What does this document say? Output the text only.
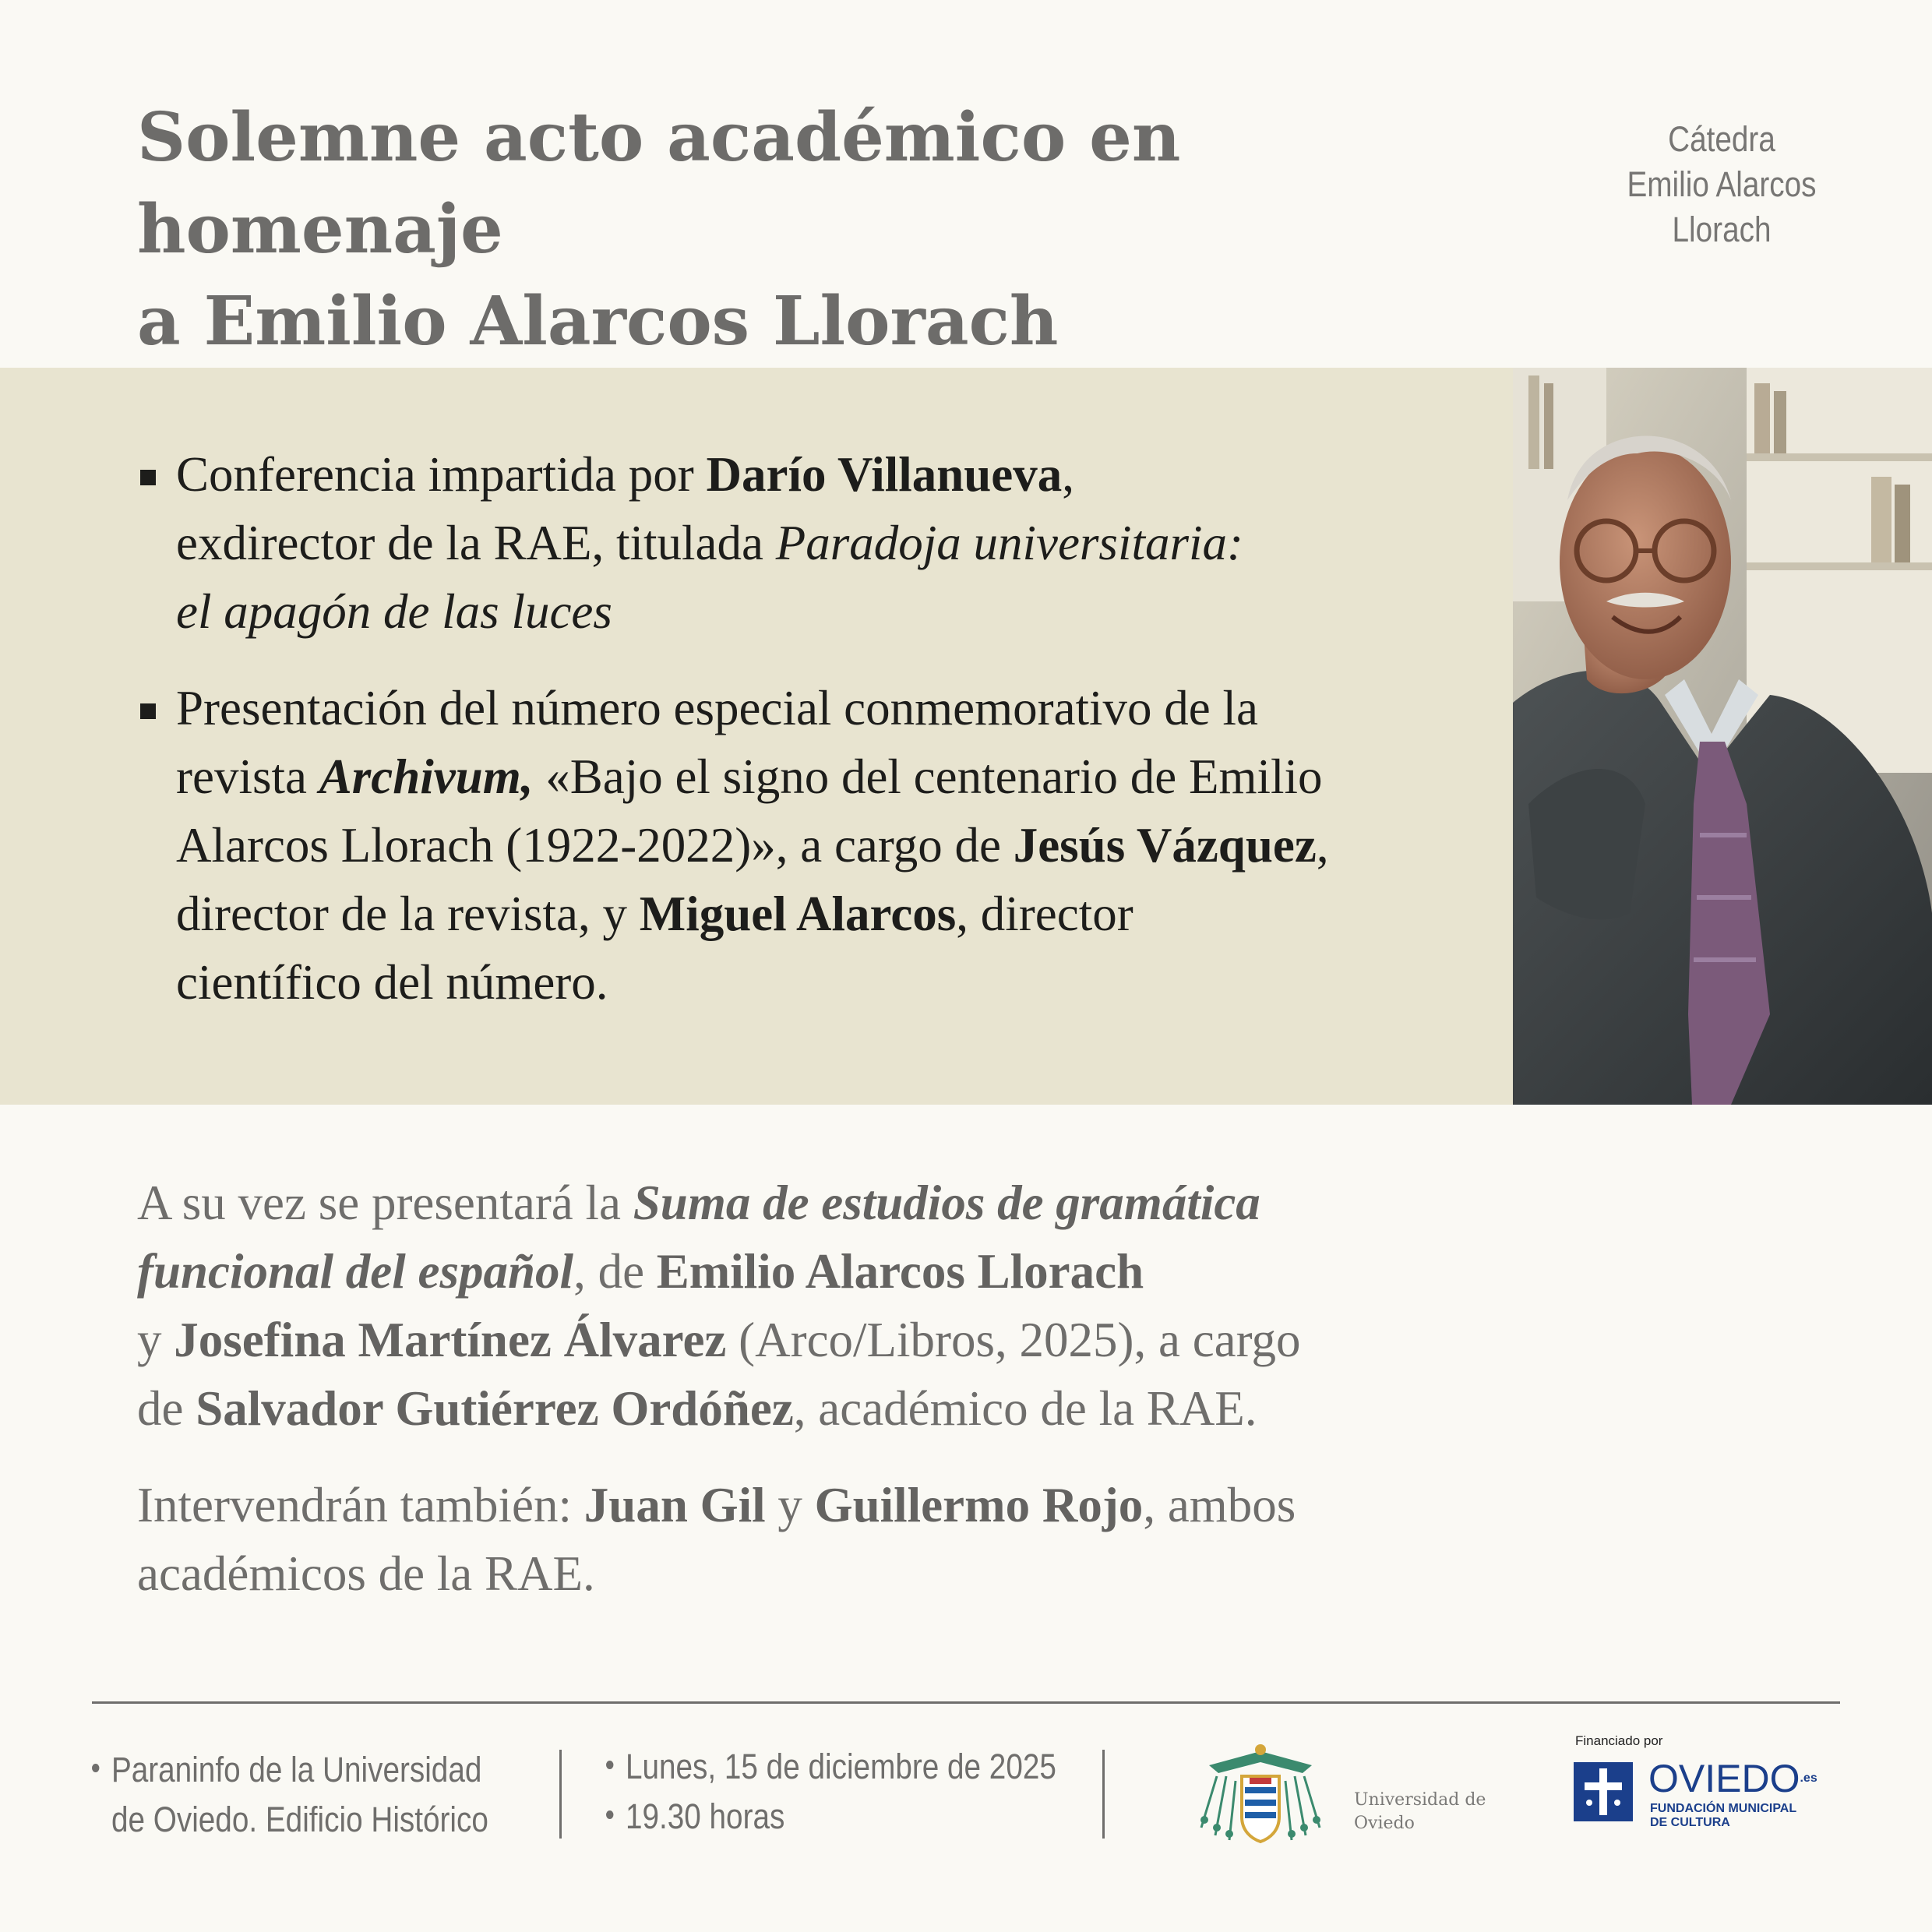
Solemne acto académico en homenaje
a Emilio Alarcos Llorach
Cátedra
Emilio Alarcos
Llorach
Conferencia impartida por Darío Villanueva,
exdirector de la RAE, titulada Paradoja universitaria:
el apagón de las luces
Presentación del número especial conmemorativo de la
revista Archivum, «Bajo el signo del centenario de Emilio
Alarcos Llorach (1922-2022)», a cargo de Jesús Vázquez,
director de la revista, y Miguel Alarcos, director
científico del número.

A su vez se presentará la Suma de estudios de gramática
funcional del español, de Emilio Alarcos Llorach
y Josefina Martínez Álvarez (Arco/Libros, 2025), a cargo
de Salvador Gutiérrez Ordóñez, académico de la RAE.

Intervendrán también: Juan Gil y Guillermo Rojo, ambos
académicos de la RAE.

Paraninfo de la Universidad
de Oviedo. Edificio Histórico
Lunes, 15 de diciembre de 2025
19.30 horas	Universidad de
Oviedo
Financiado por
$OVIEDO^{.es}$
FUNDACIÓN MUNICIPAL
DE CULTURA
